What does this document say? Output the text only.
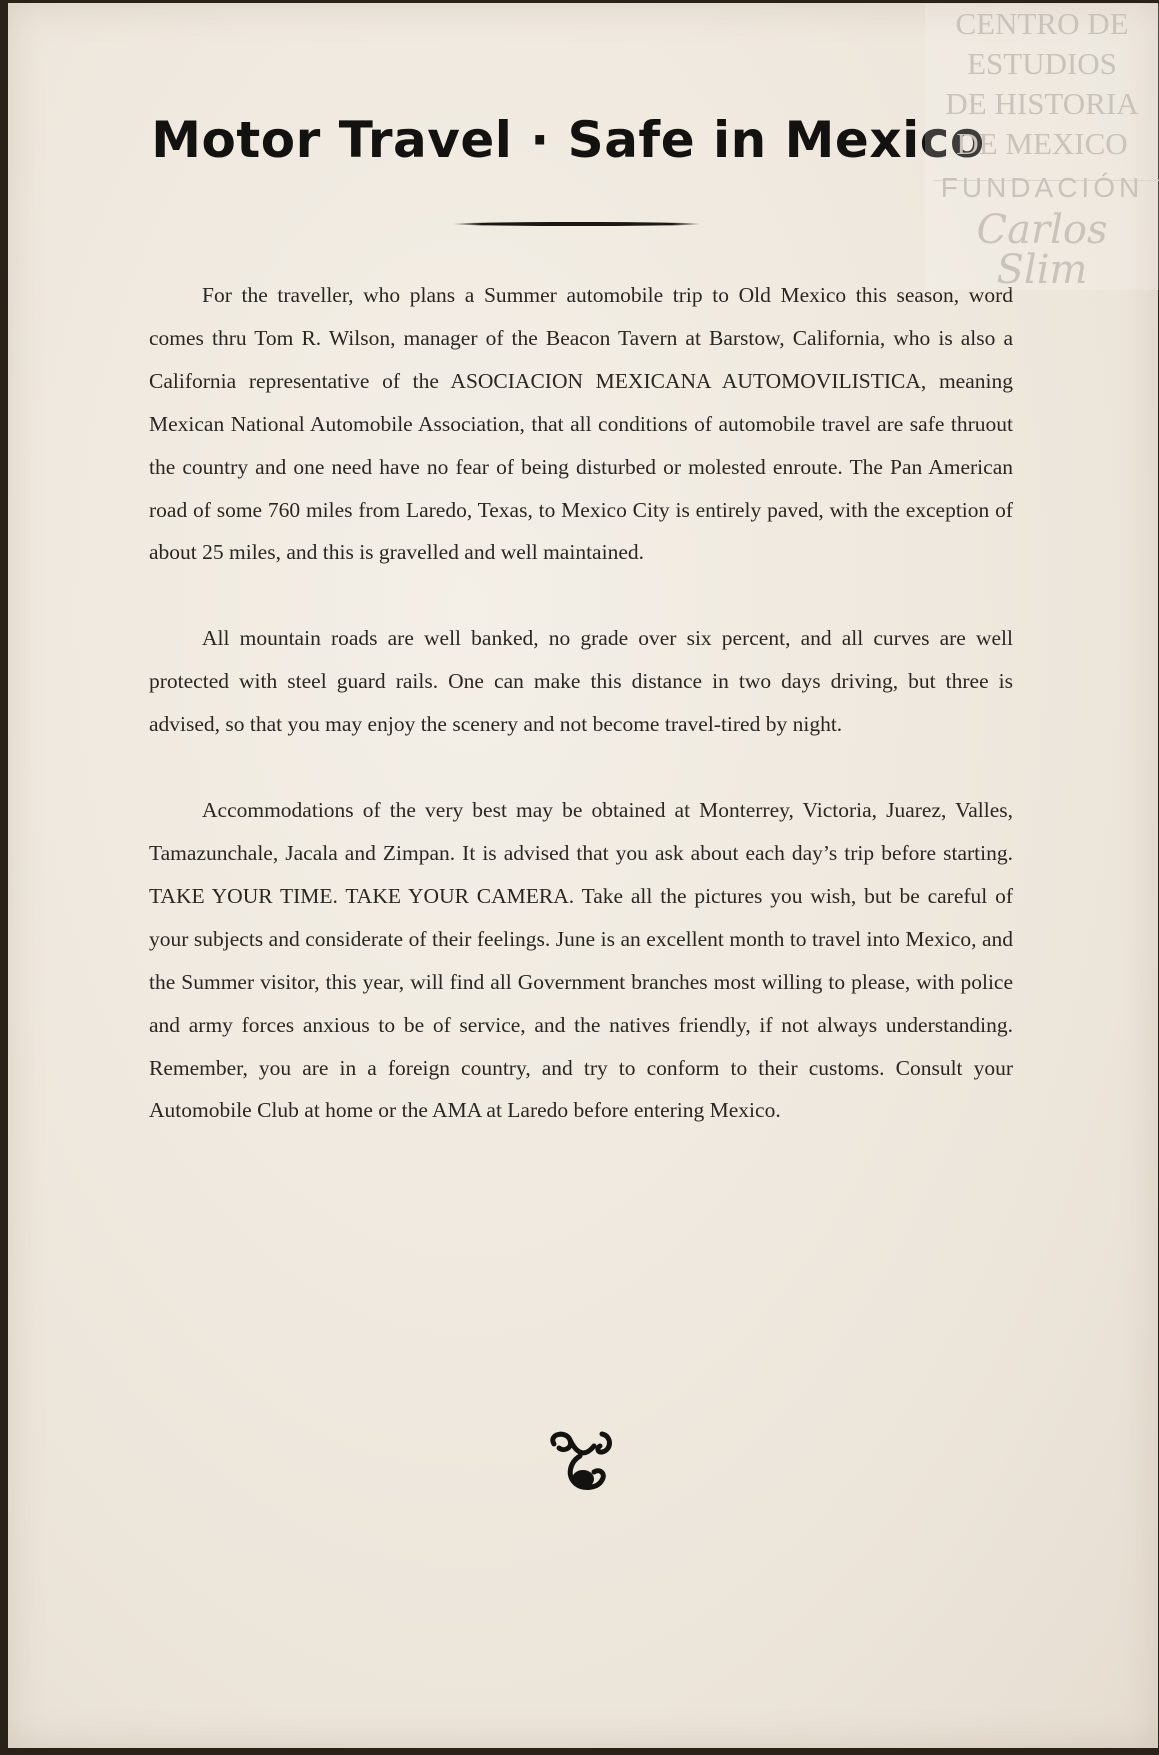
Motor Travel · Safe in Mexico

For the traveller, who plans a Summer automobile trip to Old Mexico this season, word comes thru Tom R. Wilson, manager of the Beacon Tavern at Barstow, California, who is also a California representative of the ASOCIACION MEXICANA AUTOMOVILISTICA, meaning Mexican National Automobile Association, that all conditions of automobile travel are safe thruout the country and one need have no fear of being disturbed or molested enroute. The Pan American road of some 760 miles from Laredo, Texas, to Mexico City is entirely paved, with the exception of about 25 miles, and this is gravelled and well maintained.

All mountain roads are well banked, no grade over six percent, and all curves are well protected with steel guard rails. One can make this distance in two days driving, but three is advised, so that you may enjoy the scenery and not become travel-tired by night.

Accommodations of the very best may be obtained at Monterrey, Victoria, Juarez, Valles, Tamazunchale, Jacala and Zimpan. It is advised that you ask about each day’s trip before starting. TAKE YOUR TIME. TAKE YOUR CAMERA. Take all the pictures you wish, but be careful of your subjects and considerate of their feelings. June is an excellent month to travel into Mexico, and the Summer visitor, this year, will find all Government branches most willing to please, with police and army forces anxious to be of service, and the natives friendly, if not always understanding. Remember, you are in a foreign country, and try to conform to their customs. Consult your Automobile Club at home or the AMA at Laredo before entering Mexico.

CENTRO DE
ESTUDIOS
DE HISTORIA
DE MEXICO
FUNDACIÓN
Carlos Slim
